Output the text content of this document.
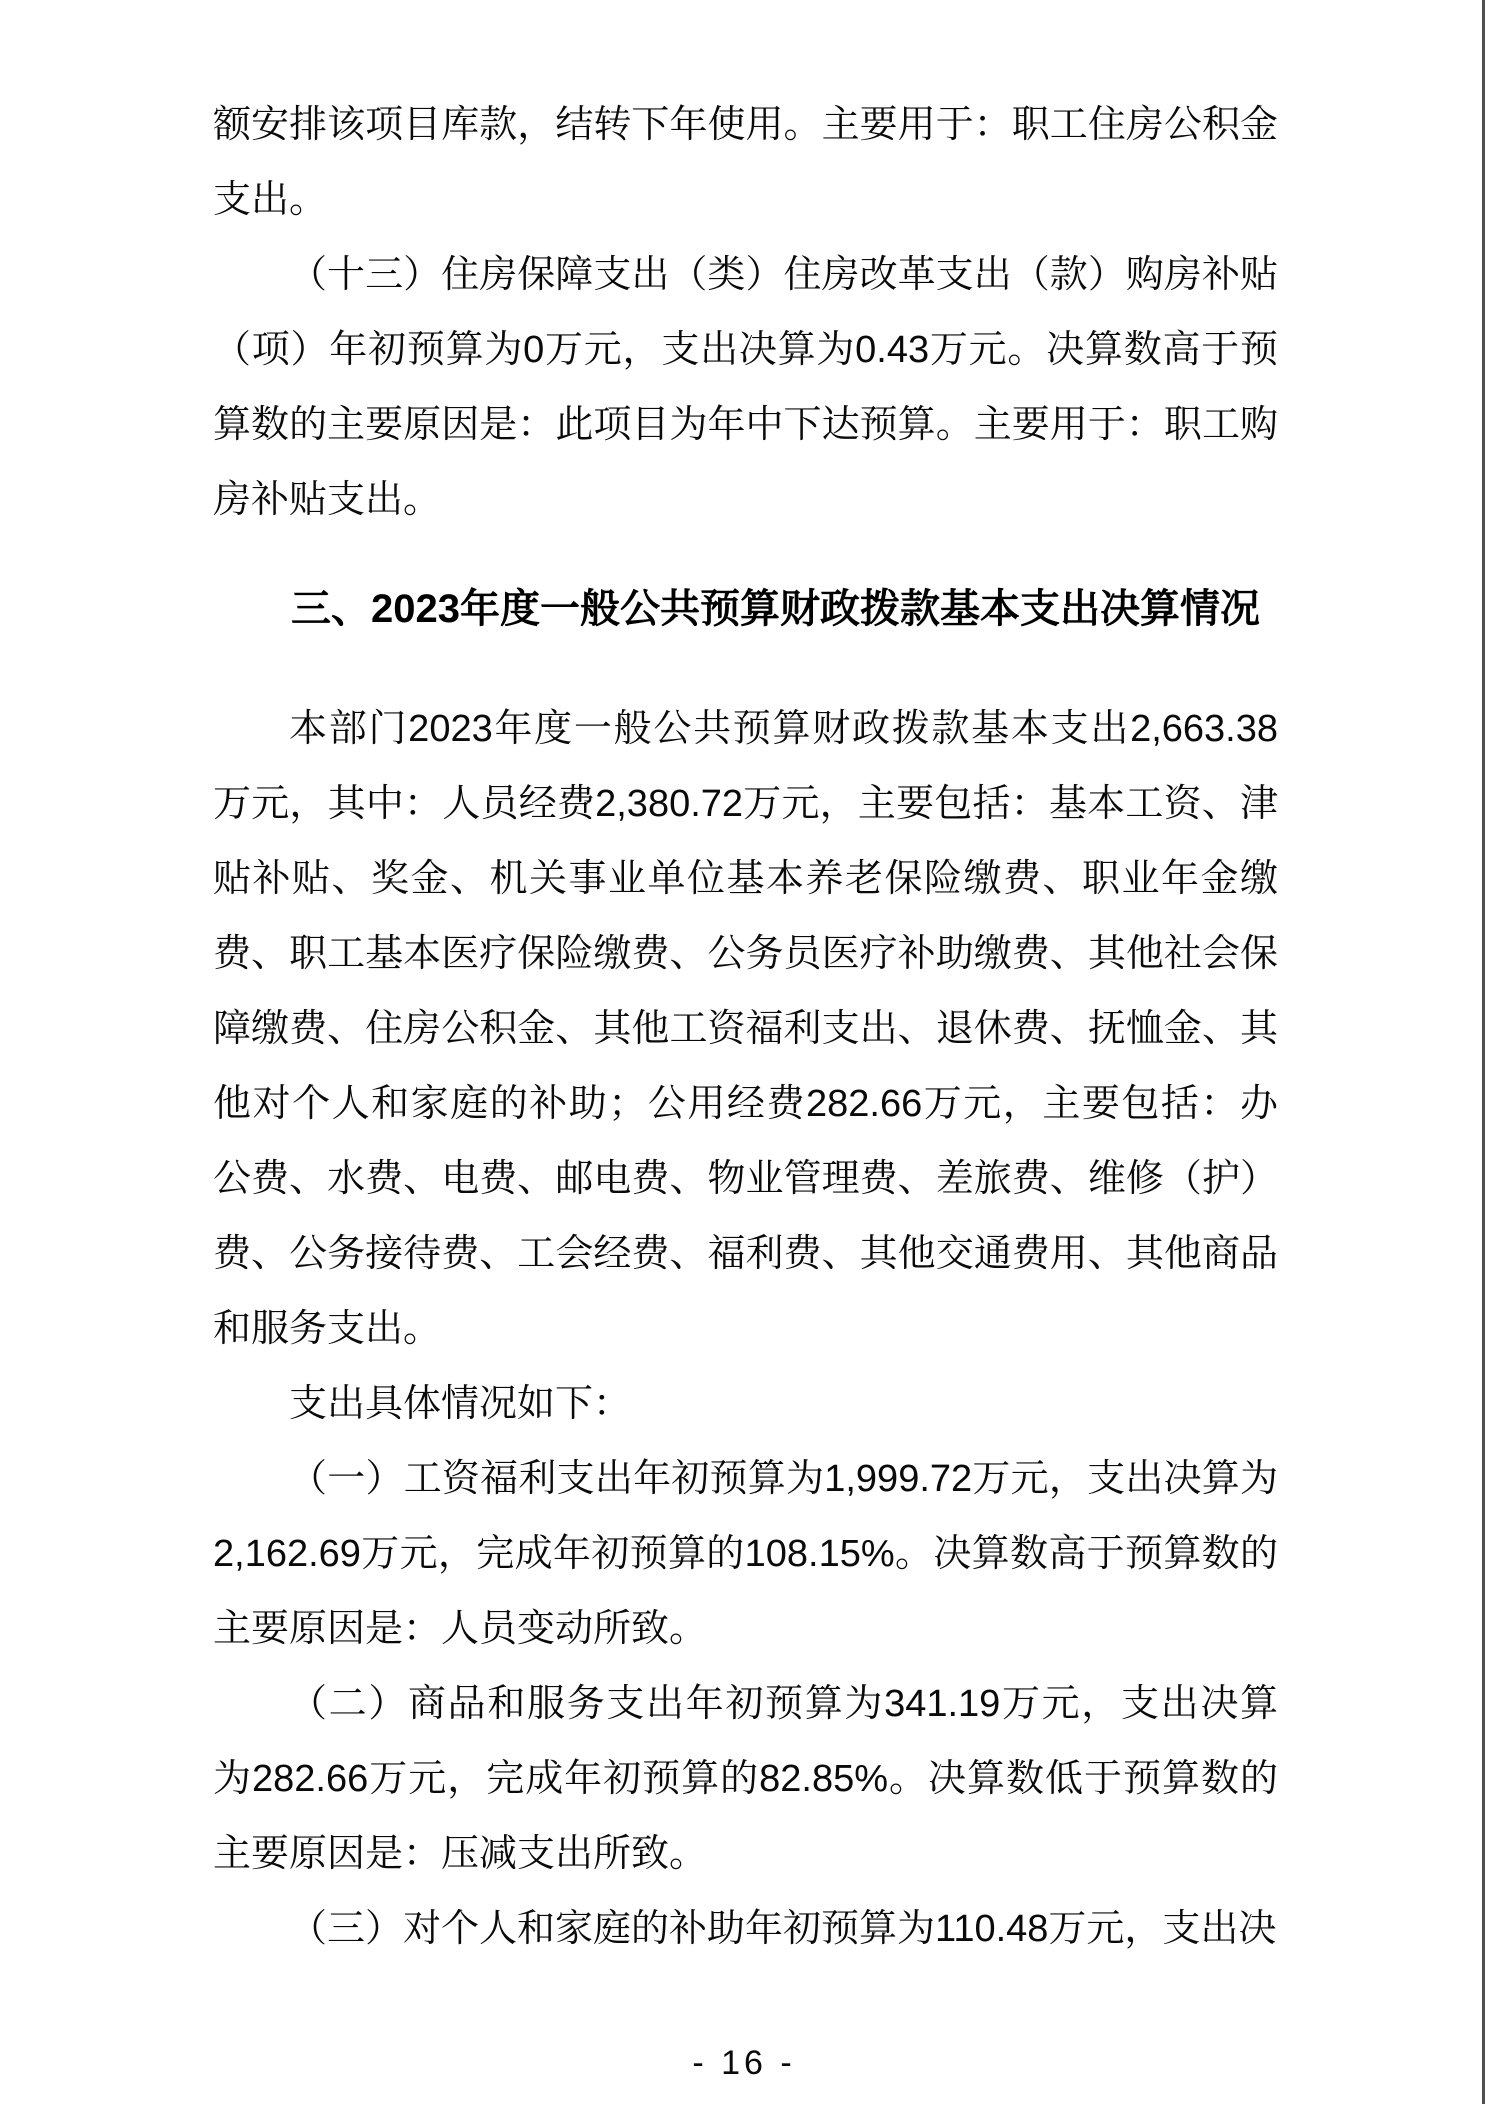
额安排该项目库款，结转下年使用。主要用于：职工住房公积金支出。

（十三）住房保障支出（类）住房改革支出（款）购房补贴（项）年初预算为0万元，支出决算为0.43万元。决算数高于预算数的主要原因是：此项目为年中下达预算。主要用于：职工购房补贴支出。

三、2023年度一般公共预算财政拨款基本支出决算情况

本部门2023年度一般公共预算财政拨款基本支出2,663.38万元，其中：人员经费2,380.72万元，主要包括：基本工资、津贴补贴、奖金、机关事业单位基本养老保险缴费、职业年金缴费、职工基本医疗保险缴费、公务员医疗补助缴费、其他社会保障缴费、住房公积金、其他工资福利支出、退休费、抚恤金、其他对个人和家庭的补助；公用经费282.66万元，主要包括：办公费、水费、电费、邮电费、物业管理费、差旅费、维修（护）费、公务接待费、工会经费、福利费、其他交通费用、其他商品和服务支出。

支出具体情况如下：

（一）工资福利支出年初预算为1,999.72万元，支出决算为2,162.69万元，完成年初预算的108.15%。决算数高于预算数的主要原因是：人员变动所致。

（二）商品和服务支出年初预算为341.19万元，支出决算为282.66万元，完成年初预算的82.85%。决算数低于预算数的主要原因是：压减支出所致。

（三）对个人和家庭的补助年初预算为110.48万元，支出决

- 16 -
